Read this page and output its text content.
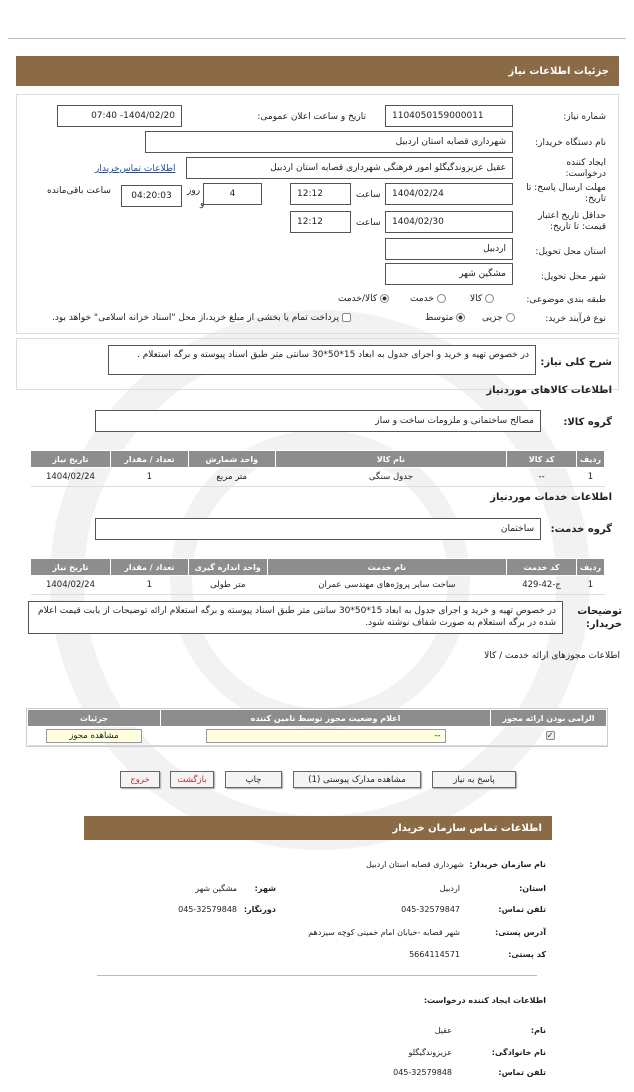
جزئیات اطلاعات نیاز
شماره نیاز:
1104050159000011
تاریخ و ساعت اعلان عمومی:
1404/02/20- 07:40
نام دستگاه خریدار:
شهرداری قصابه استان اردبیل
ایجاد کننده درخواست:
عقیل عزیزوندگیگلو امور فرهنگی شهرداری قصابه استان اردبیل
اطلاعات تماس‌خریدار
مهلت ارسال پاسخ: تا تاریخ:
1404/02/24
ساعت
12:12
4
روز
و
04:20:03
ساعت باقی‌مانده
حداقل تاریخ اعتبار قیمت: تا تاریخ:
1404/02/30
ساعت
12:12
استان محل تحویل:
اردبیل
شهر محل تحویل:
مشگین شهر
طبقه بندی موضوعی:
کالا
خدمت
کالا/خدمت
نوع فرآیند خرید:
جزیی
متوسط
پرداخت تمام یا بخشی از مبلغ خرید،از محل "اسناد خزانه اسلامی" خواهد بود.
شرح کلی نیاز:
در خصوص تهیه و خرید و اجرای جدول به ابعاد 15*50*30 سانتی متر طبق اسناد پیوسته و برگه استعلام .
اطلاعات کالاهای موردنیاز
گروه کالا:
مصالح ساختمانی و ملزومات ساخت و ساز
ردیف	کد کالا	نام کالا	واحد شمارش	تعداد / مقدار	تاریخ نیاز
1	--	جدول سنگی	متر مربع	1	1404/02/24
اطلاعات خدمات موردنیاز
گروه خدمت:
ساختمان
ردیف	کد خدمت	نام خدمت	واحد اندازه گیری	تعداد / مقدار	تاریخ نیاز
1	ج-42-429	ساخت سایر پروژه‌های مهندسی عمران	متر طولی	1	1404/02/24
توضیحات خریدار:
در خصوص تهیه و خرید و اجرای جدول به ابعاد 15*50*30 سانتی متر طبق اسناد پیوسته و برگه استعلام ارائه توضیحات از بابت قیمت اعلام شده در برگه استعلام به صورت شفاف نوشته شود.
اطلاعات مجوزهای ارائه خدمت / کالا
الزامی بودن ارائه مجوز	اعلام وضعیت مجوز توسط تامین کننده	جزئیات
✓	--	مشاهده مجوز
پاسخ به نیاز
مشاهده مدارک پیوستی (1)
چاپ
بازگشت
خروج
اطلاعات تماس سازمان خریدار
نام سازمان خریدار:
شهرداری قصابه استان اردبیل
استان:
اردبیل
شهر:
مشگین شهر
تلفن تماس:
045-32579847
دورنگار:
045-32579848
آدرس پستی:
شهر قصابه -خیابان امام خمینی کوچه سیزدهم
کد پستی:
5664114571
اطلاعات ایجاد کننده درخواست:
نام:
عقیل
نام خانوادگی:
عزیزوندگیگلو
تلفن تماس:
045-32579848
